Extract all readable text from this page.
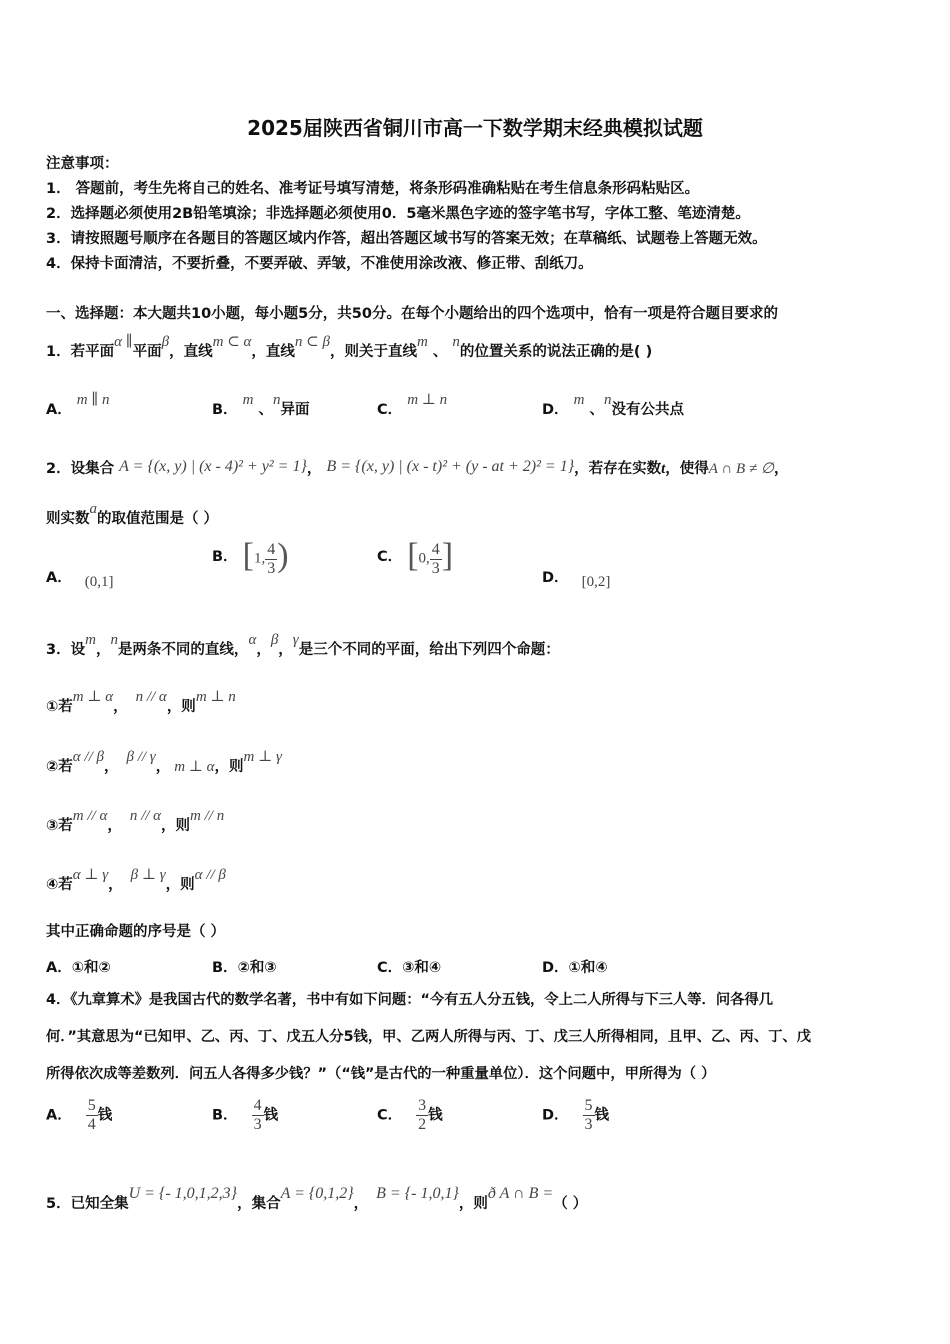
2025届陕西省铜川市高一下数学期末经典模拟试题
注意事项：
1． 答题前，考生先将自己的姓名、准考证号填写清楚，将条形码准确粘贴在考生信息条形码粘贴区。
2．选择题必须使用2B铅笔填涂；非选择题必须使用0．5毫米黑色字迹的签字笔书写，字体工整、笔迹清楚。
3．请按照题号顺序在各题目的答题区域内作答，超出答题区域书写的答案无效；在草稿纸、试题卷上答题无效。
4．保持卡面清洁，不要折叠，不要弄破、弄皱，不准使用涂改液、修正带、刮纸刀。
一、选择题：本大题共10小题，每小题5分，共50分。在每个小题给出的四个选项中，恰有一项是符合题目要求的
1．若平面α ∥平面β，直线m ⊂ α，直线n ⊂ β，则关于直线m 、 n的位置关系的说法正确的是( )
A． m ∥ n
B． m 、n异面	C． m ⊥ n
D． m 、n没有公共点
2．设集合 A = {(x, y) | (x - 4)² + y² = 1}， B = {(x, y) | (x - t)² + (y - at + 2)² = 1}，若存在实数t，使得A ∩ B ≠ ∅，
则实数a的取值范围是（ ）
A． (0,1]
B． [1, $\frac{4}{3}$ )	C． [0, $\frac{4}{3}$ ]
D． [0,2]
3．设m，n是两条不同的直线，α，β，γ是三个不同的平面，给出下列四个命题：
①若m ⊥ α，n // α，则m ⊥ n
②若α // β，β // γ， m ⊥ α，则m ⊥ γ
③若m // α，n // α，则m // n
④若α ⊥ γ，β ⊥ γ，则α // β
其中正确命题的序号是（ ）
A．①和②	B．②和③	C．③和④	D．①和④
4．《九章算术》是我国古代的数学名著，书中有如下问题：“今有五人分五钱，令上二人所得与下三人等．问各得几
何．”其意思为“已知甲、乙、丙、丁、戊五人分5钱，甲、乙两人所得与丙、丁、戊三人所得相同，且甲、乙、丙、丁、戊
所得依次成等差数列．问五人各得多少钱？”（“钱”是古代的一种重量单位）．这个问题中，甲所得为（ ）
A． $\frac{5}{4}$ 钱	B． $\frac{4}{3}$ 钱	C． $\frac{3}{2}$ 钱	D． $\frac{5}{3}$ 钱
5．已知全集U = {- 1,0,1,2,3}，集合A = {0,1,2}，B = {- 1,0,1}，则ð A ∩ B =（ ）
